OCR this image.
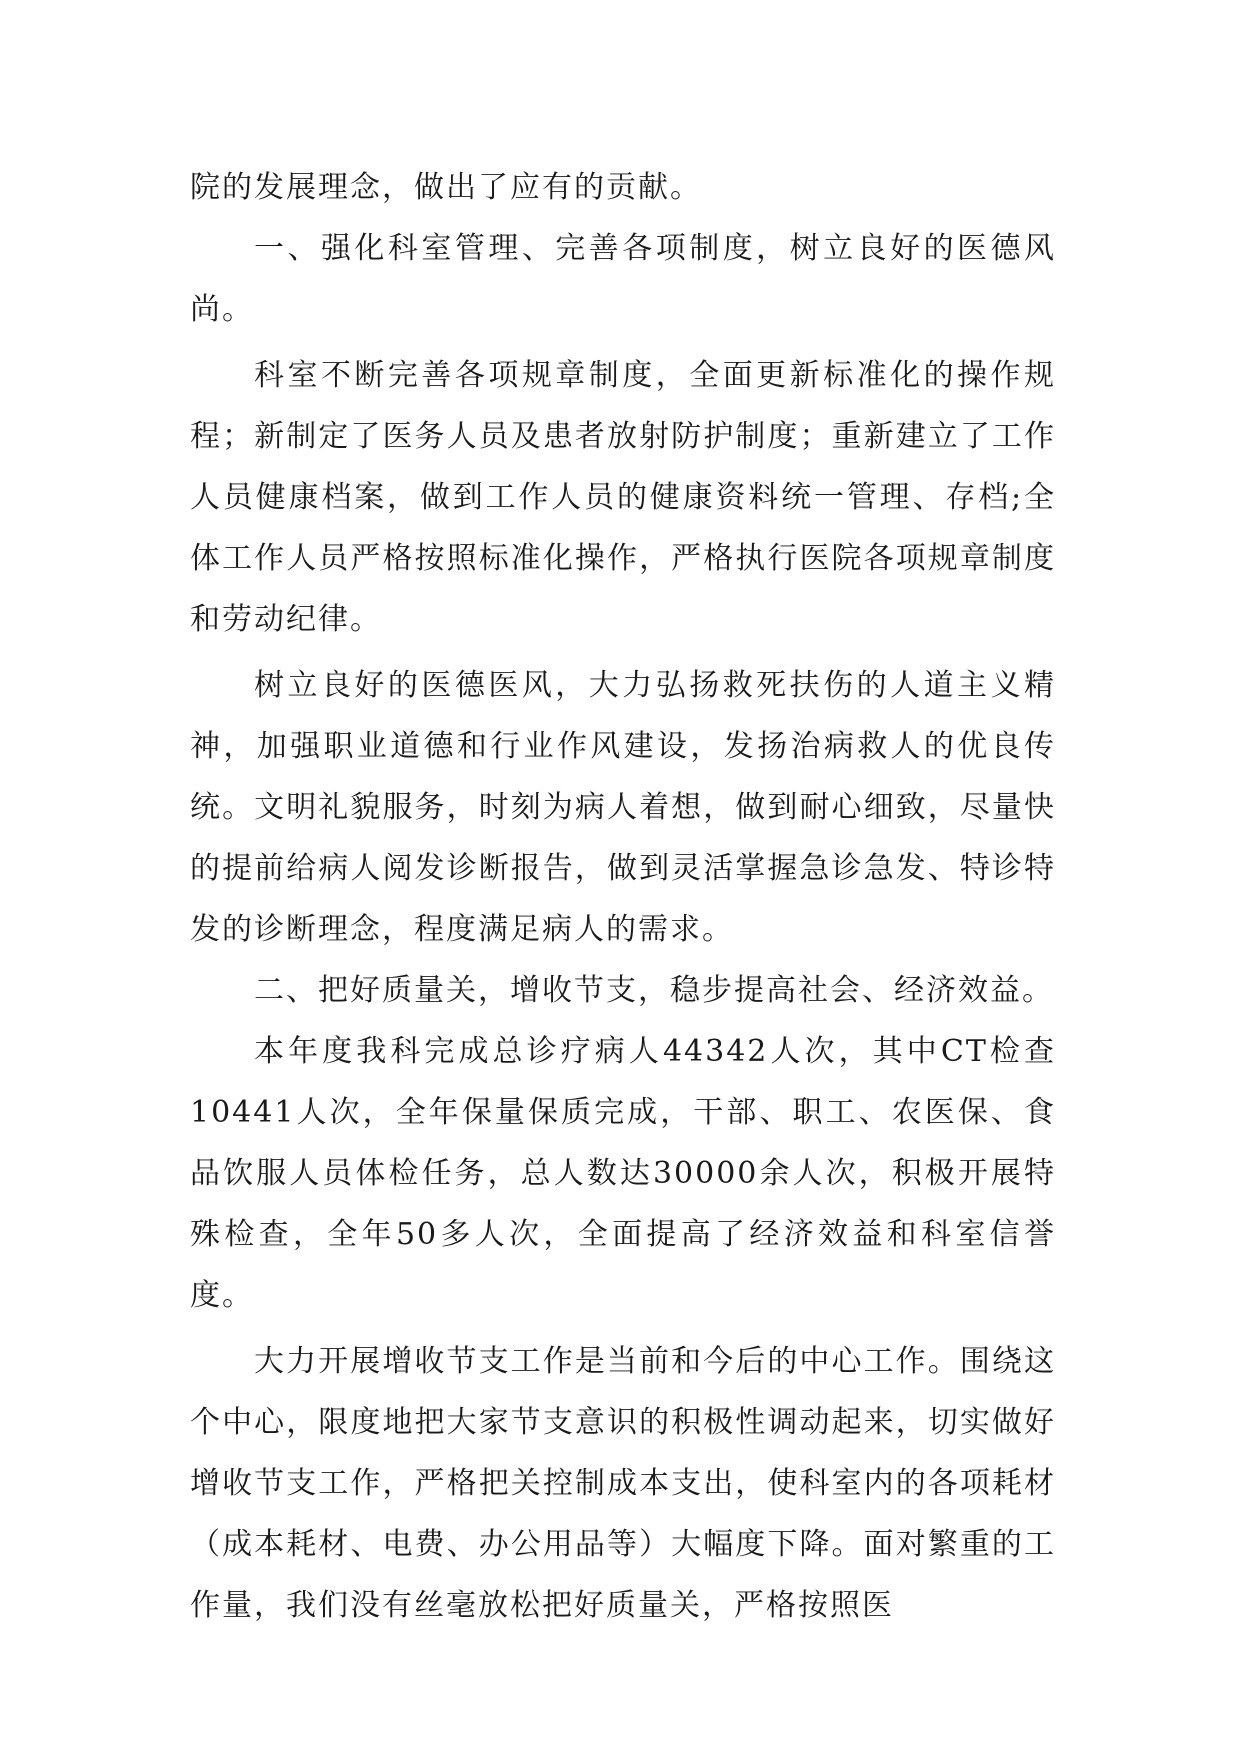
院的发展理念，做出了应有的贡献。

一、强化科室管理、完善各项制度，树立良好的医德风尚。

科室不断完善各项规章制度，全面更新标准化的操作规程；新制定了医务人员及患者放射防护制度；重新建立了工作人员健康档案，做到工作人员的健康资料统一管理、存档;全体工作人员严格按照标准化操作，严格执行医院各项规章制度和劳动纪律。

树立良好的医德医风，大力弘扬救死扶伤的人道主义精神，加强职业道德和行业作风建设，发扬治病救人的优良传统。文明礼貌服务，时刻为病人着想，做到耐心细致，尽量快的提前给病人阅发诊断报告，做到灵活掌握急诊急发、特诊特发的诊断理念，程度满足病人的需求。

二、把好质量关，增收节支，稳步提高社会、经济效益。

本年度我科完成总诊疗病人44342人次，其中CT检查10441人次，全年保量保质完成，干部、职工、农医保、食品饮服人员体检任务，总人数达30000余人次，积极开展特殊检查，全年50多人次，全面提高了经济效益和科室信誉度。

大力开展增收节支工作是当前和今后的中心工作。围绕这个中心，限度地把大家节支意识的积极性调动起来，切实做好增收节支工作，严格把关控制成本支出，使科室内的各项耗材（成本耗材、电费、办公用品等）大幅度下降。面对繁重的工作量，我们没有丝毫放松把好质量关，严格按照医
